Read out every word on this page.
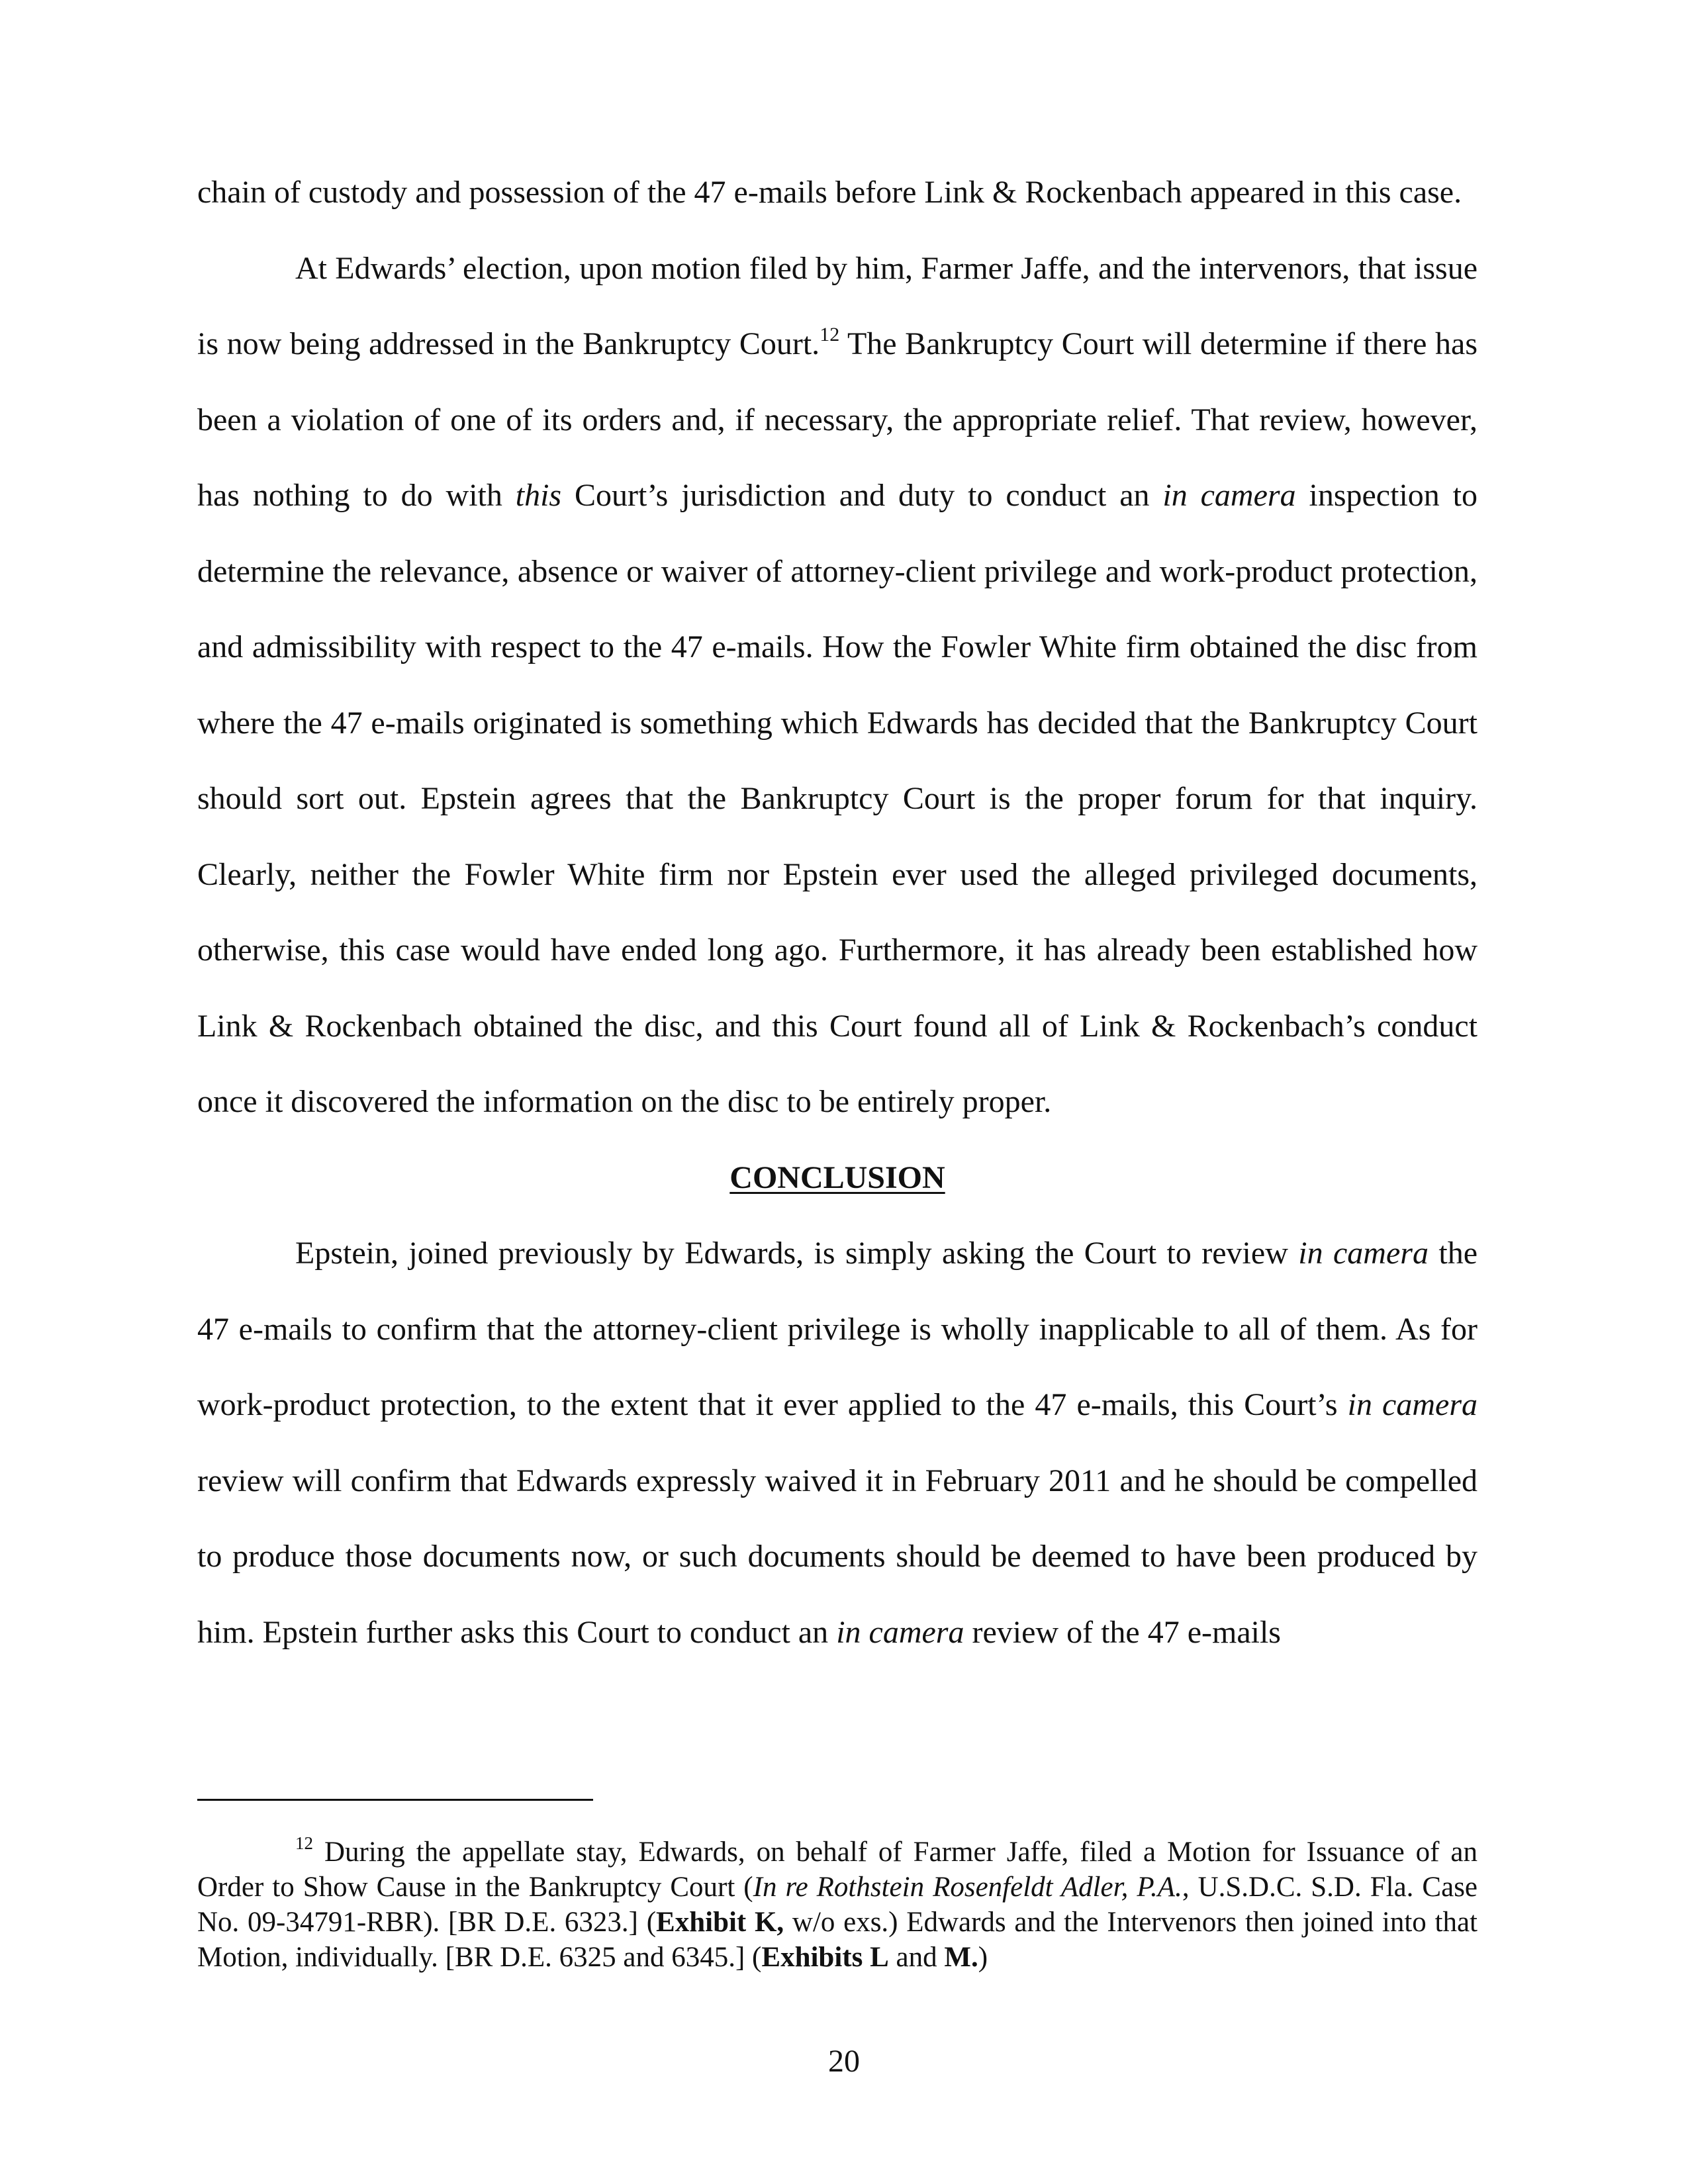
chain of custody and possession of the 47 e-mails before Link & Rockenbach appeared in this case.

At Edwards’ election, upon motion filed by him, Farmer Jaffe, and the intervenors, that issue is now being addressed in the Bankruptcy Court.$^{12}$ The Bankruptcy Court will determine if there has been a violation of one of its orders and, if necessary, the appropriate relief. That review, however, has nothing to do with this Court’s jurisdiction and duty to conduct an in camera inspection to determine the relevance, absence or waiver of attorney-client privilege and work-product protection, and admissibility with respect to the 47 e-mails. How the Fowler White firm obtained the disc from where the 47 e-mails originated is something which Edwards has decided that the Bankruptcy Court should sort out. Epstein agrees that the Bankruptcy Court is the proper forum for that inquiry. Clearly, neither the Fowler White firm nor Epstein ever used the alleged privileged documents, otherwise, this case would have ended long ago. Furthermore, it has already been established how Link & Rockenbach obtained the disc, and this Court found all of Link & Rockenbach’s conduct once it discovered the information on the disc to be entirely proper.

CONCLUSION

Epstein, joined previously by Edwards, is simply asking the Court to review in camera the 47 e-mails to confirm that the attorney-client privilege is wholly inapplicable to all of them. As for work-product protection, to the extent that it ever applied to the 47 e-mails, this Court’s in camera review will confirm that Edwards expressly waived it in February 2011 and he should be compelled to produce those documents now, or such documents should be deemed to have been produced by him. Epstein further asks this Court to conduct an in camera review of the 47 e-mails

$^{12}$ During the appellate stay, Edwards, on behalf of Farmer Jaffe, filed a Motion for Issuance of an Order to Show Cause in the Bankruptcy Court (In re Rothstein Rosenfeldt Adler, P.A., U.S.D.C. S.D. Fla. Case No. 09-34791-RBR). [BR D.E. 6323.] (Exhibit K, w/o exs.) Edwards and the Intervenors then joined into that Motion, individually. [BR D.E. 6325 and 6345.] (Exhibits L and M.)

20
